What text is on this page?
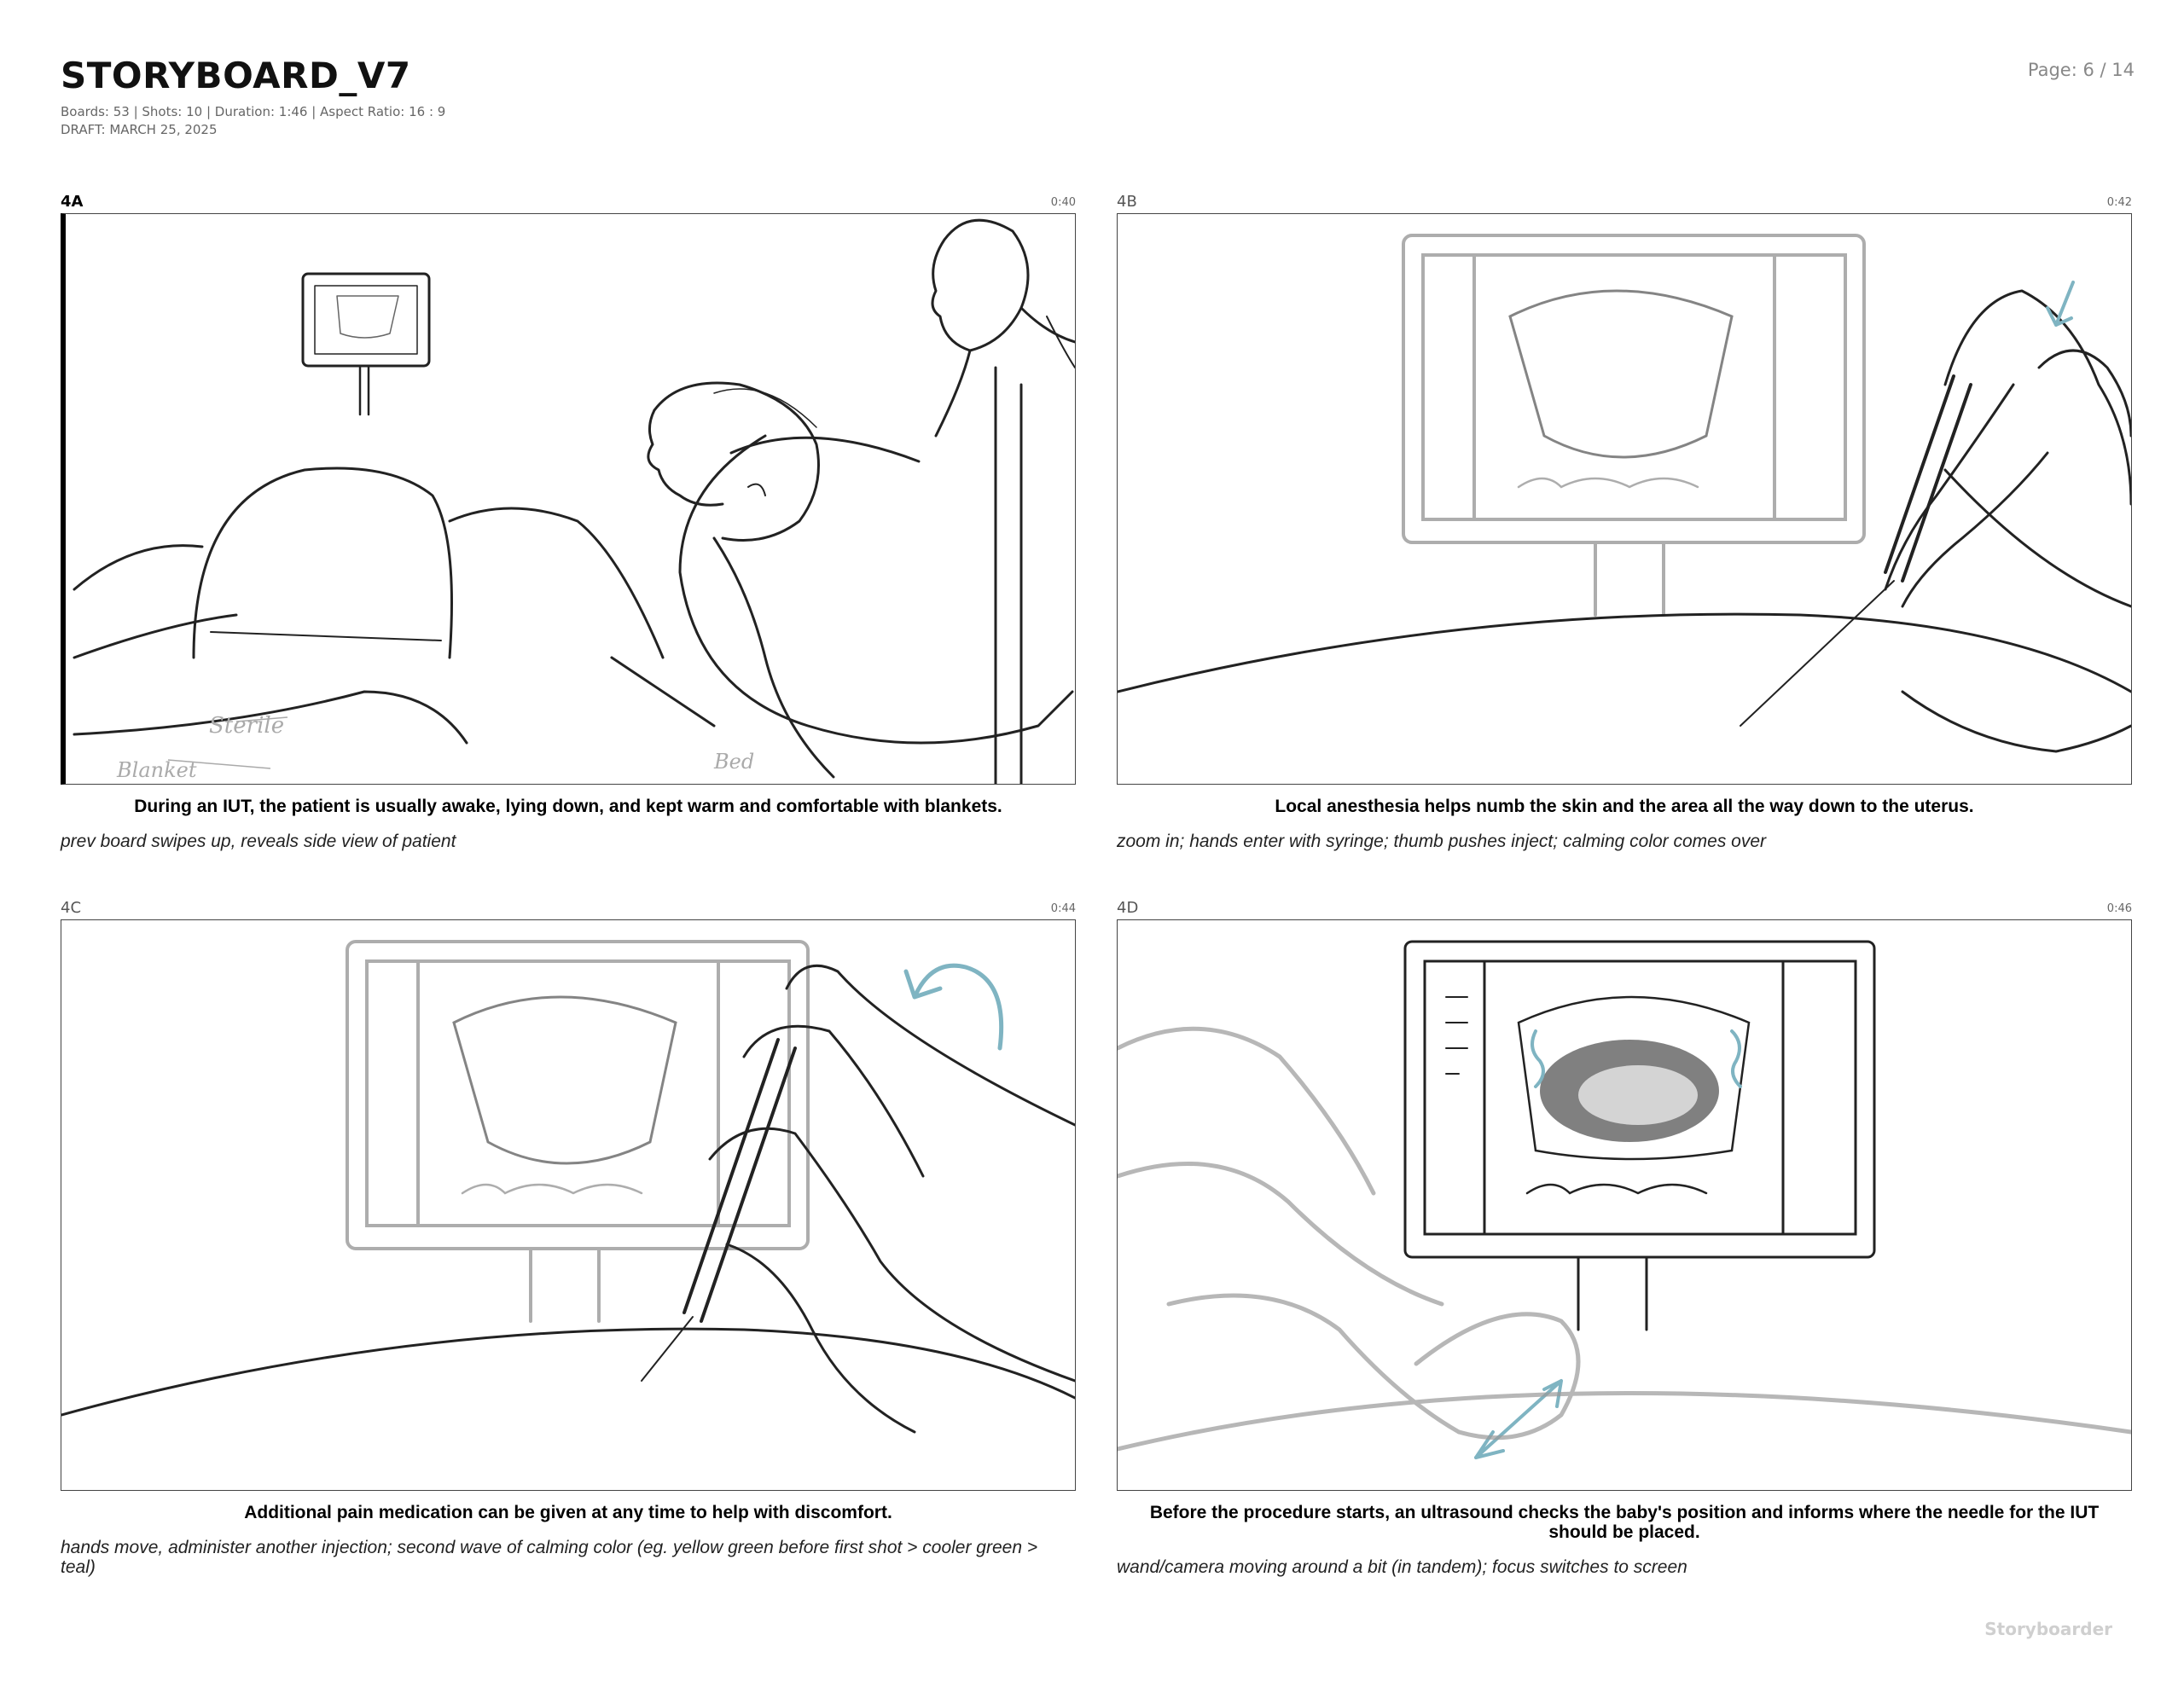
STORYBOARD_V7
Boards: 53 | Shots: 10 | Duration: 1:46 | Aspect Ratio: 16 : 9
DRAFT: MARCH 25, 2025
Page: 6 / 14
4A	0:40
Sterile
Blanket	Bed
During an IUT, the patient is usually awake, lying down, and kept warm and comfortable with blankets.
prev board swipes up, reveals side view of patient
4B	0:42
Local anesthesia helps numb the skin and the area all the way down to the uterus.
zoom in; hands enter with syringe; thumb pushes inject; calming color comes over
4C	0:44
Additional pain medication can be given at any time to help with discomfort.
hands move, administer another injection; second wave of calming color (eg. yellow green before first shot > cooler green > teal)
4D	0:46
Before the procedure starts, an ultrasound checks the baby's position and informs where the needle for the IUT should be placed.
wand/camera moving around a bit (in tandem); focus switches to screen
Storyboarder
